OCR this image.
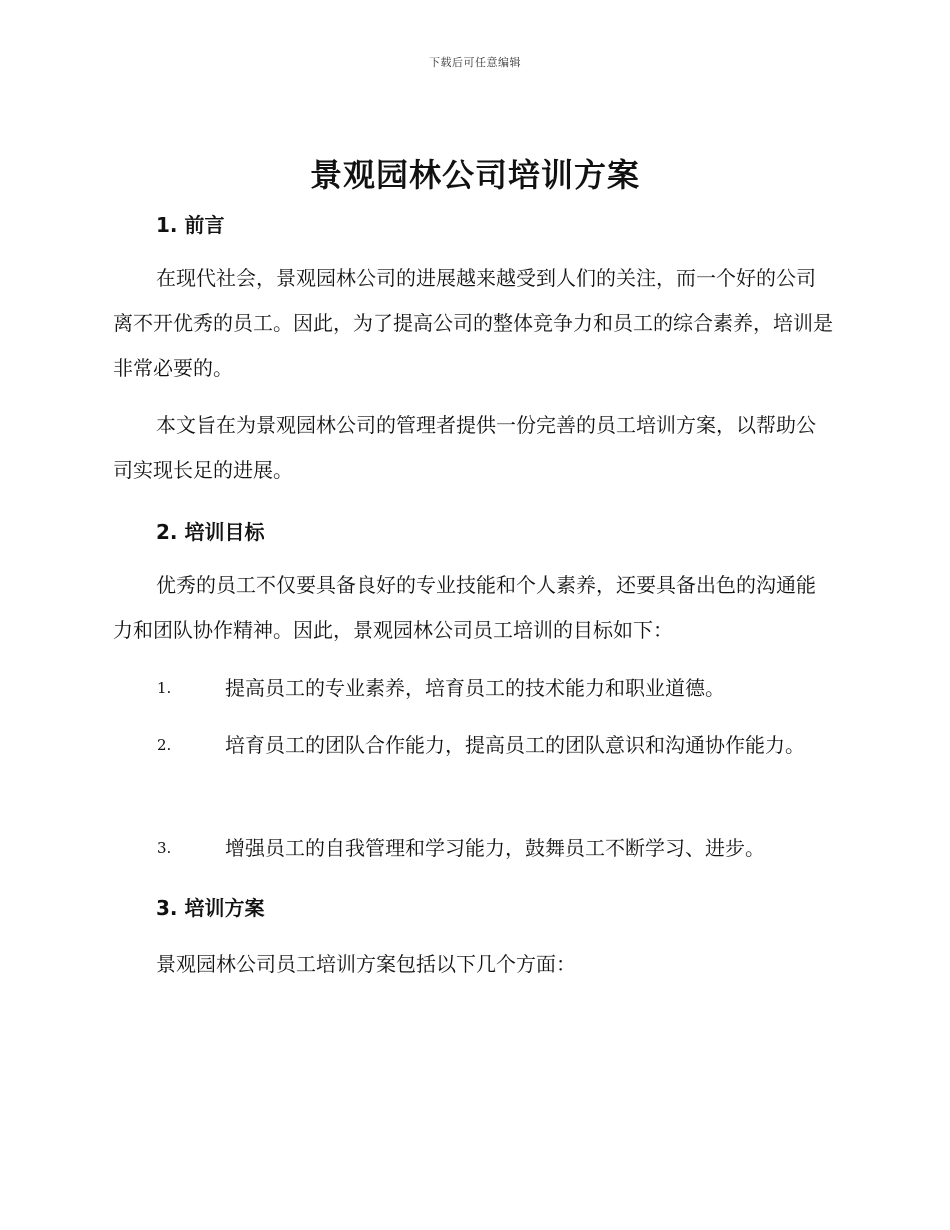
下载后可任意编辑
景观园林公司培训方案
1. 前言

在现代社会，景观园林公司的进展越来越受到人们的关注，而一个好的公司离不开优秀的员工。因此，为了提高公司的整体竞争力和员工的综合素养，培训是非常必要的。

本文旨在为景观园林公司的管理者提供一份完善的员工培训方案，以帮助公司实现长足的进展。

2. 培训目标

优秀的员工不仅要具备良好的专业技能和个人素养，还要具备出色的沟通能力和团队协作精神。因此，景观园林公司员工培训的目标如下：

1.	提高员工的专业素养，培育员工的技术能力和职业道德。
2.	培育员工的团队合作能力，提高员工的团队意识和沟通协作能力。
3.	增强员工的自我管理和学习能力，鼓舞员工不断学习、进步。
3. 培训方案

景观园林公司员工培训方案包括以下几个方面：
